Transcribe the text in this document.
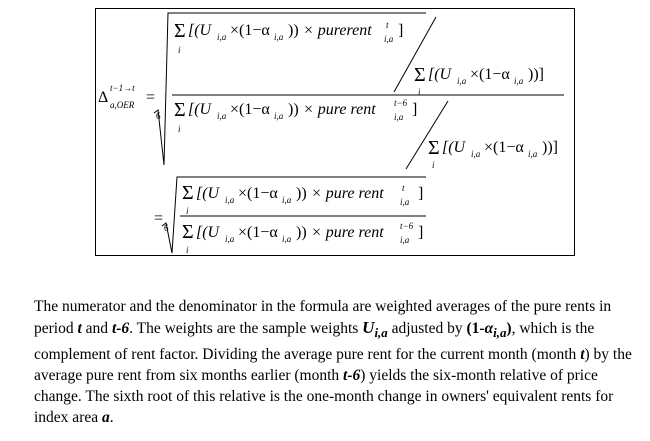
Δ
t−1→t
a,OER =
6
Σ
i
[(U i,a ×(1−α i,a )) × purerent t
i,a ]
Σ
i
[(U i,a ×(1−α i,a ))]
Σ
i
[(U i,a ×(1−α i,a )) × pure rent t−6
i,a ]
Σ
i
[(U i,a ×(1−α i,a ))]
=
6
Σ
i
[(U i,a ×(1−α i,a )) × pure rent t
i,a ]
Σ
i
[(U i,a ×(1−α i,a )) × pure rent t−6
i,a ]

The numerator and the denominator in the formula are weighted averages of the pure rents in period t and t-6. The weights are the sample weights $U_{i,a}$ adjusted by $(1-\alpha_{i,a})$, which is the complement of rent factor. Dividing the average pure rent for the current month (month t) by the average pure rent from six months earlier (month t-6) yields the six-month relative of price change. The sixth root of this relative is the one-month change in owners' equivalent rents for index area a.
